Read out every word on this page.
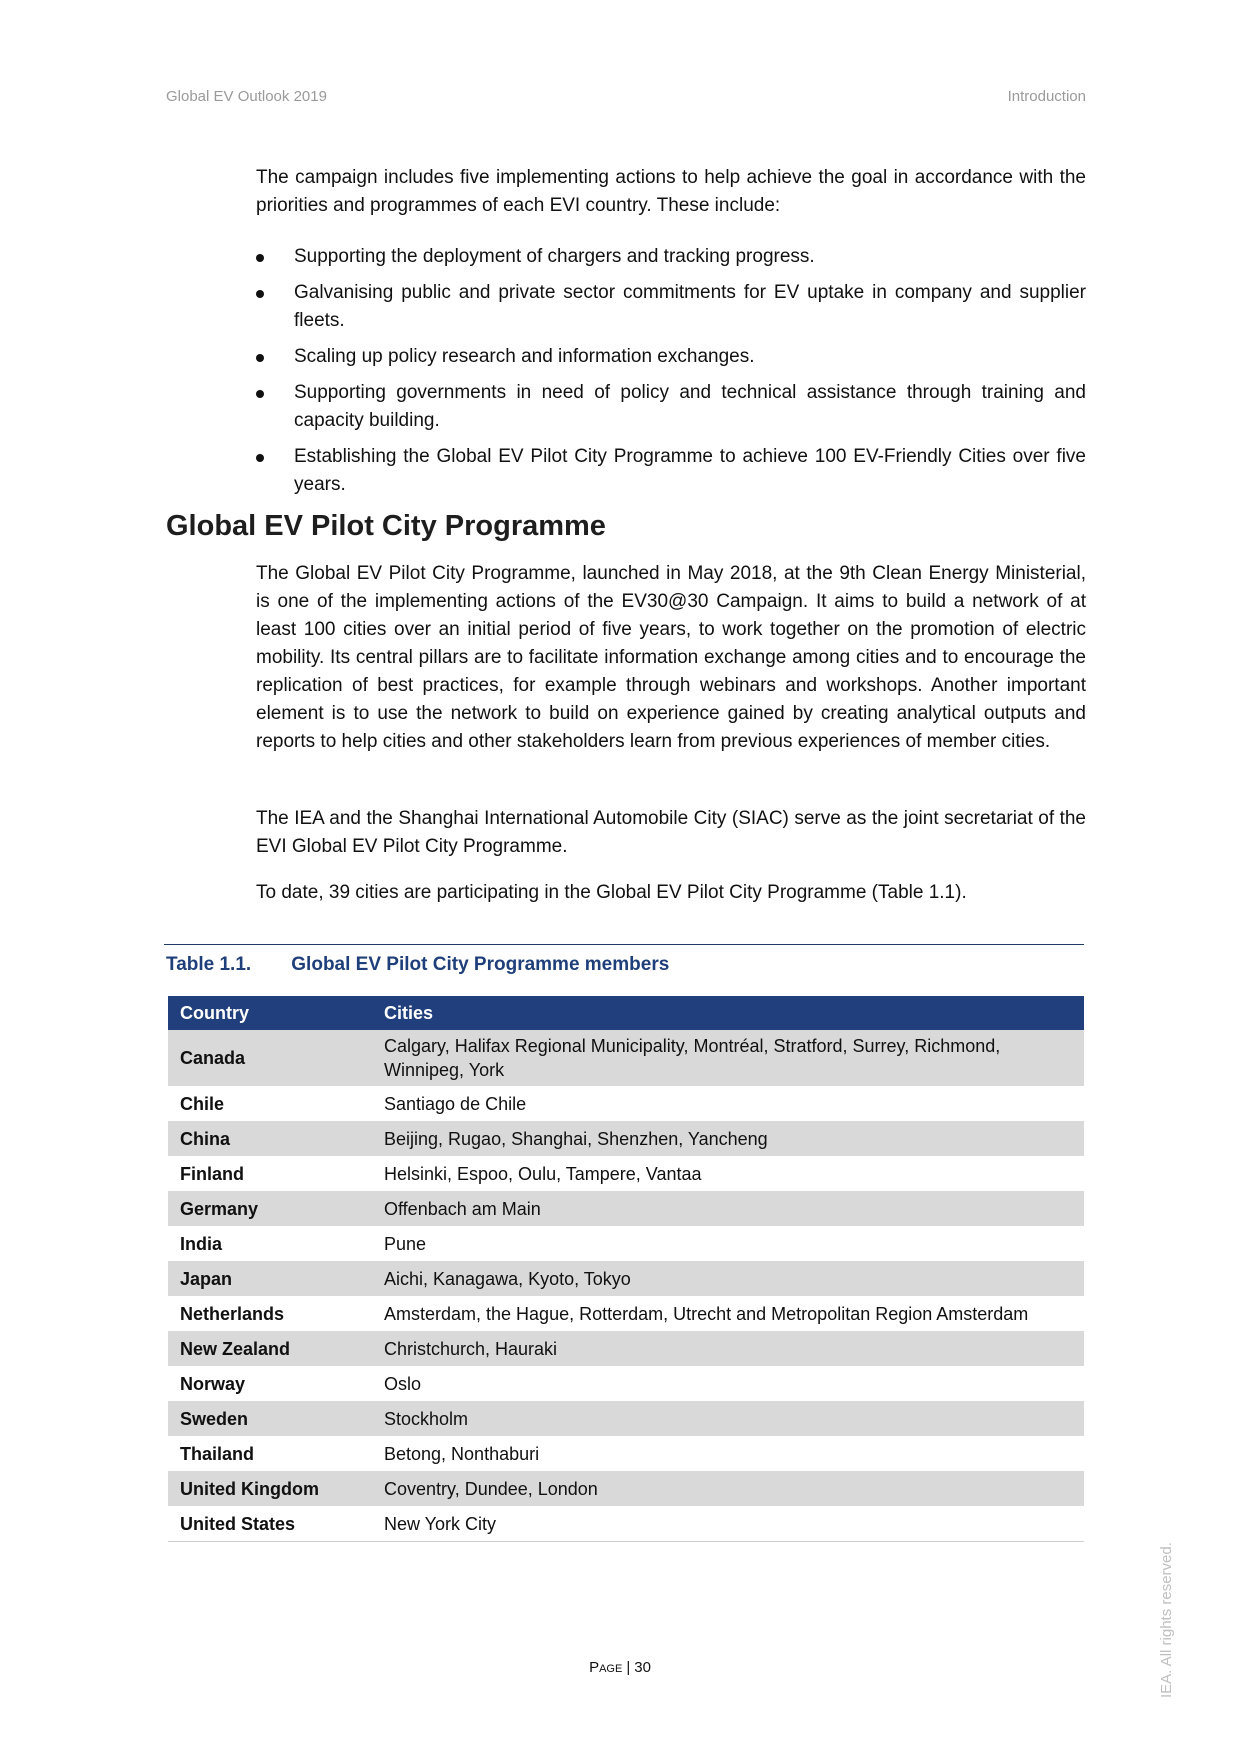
Global EV Outlook 2019	Introduction

The campaign includes five implementing actions to help achieve the goal in accordance with the priorities and programmes of each EVI country. These include:

Supporting the deployment of chargers and tracking progress.
Galvanising public and private sector commitments for EV uptake in company and supplier fleets.
Scaling up policy research and information exchanges.
Supporting governments in need of policy and technical assistance through training and capacity building.
Establishing the Global EV Pilot City Programme to achieve 100 EV-Friendly Cities over five years.
Global EV Pilot City Programme

The Global EV Pilot City Programme, launched in May 2018, at the 9th Clean Energy Ministerial, is one of the implementing actions of the EV30@30 Campaign. It aims to build a network of at least 100 cities over an initial period of five years, to work together on the promotion of electric mobility. Its central pillars are to facilitate information exchange among cities and to encourage the replication of best practices, for example through webinars and workshops. Another important element is to use the network to build on experience gained by creating analytical outputs and reports to help cities and other stakeholders learn from previous experiences of member cities.

The IEA and the Shanghai International Automobile City (SIAC) serve as the joint secretariat of the EVI Global EV Pilot City Programme.

To date, 39 cities are participating in the Global EV Pilot City Programme (Table 1.1).

Table 1.1. Global EV Pilot City Programme members
Country	Cities
Canada	Calgary, Halifax Regional Municipality, Montréal, Stratford, Surrey, Richmond, Winnipeg, York
Chile	Santiago de Chile
China	Beijing, Rugao, Shanghai, Shenzhen, Yancheng
Finland	Helsinki, Espoo, Oulu, Tampere, Vantaa
Germany	Offenbach am Main
India	Pune
Japan	Aichi, Kanagawa, Kyoto, Tokyo
Netherlands	Amsterdam, the Hague, Rotterdam, Utrecht and Metropolitan Region Amsterdam
New Zealand	Christchurch, Hauraki
Norway	Oslo
Sweden	Stockholm
Thailand	Betong, Nonthaburi
United Kingdom	Coventry, Dundee, London
United States	New York City
Page | 30	IEA. All rights reserved.
